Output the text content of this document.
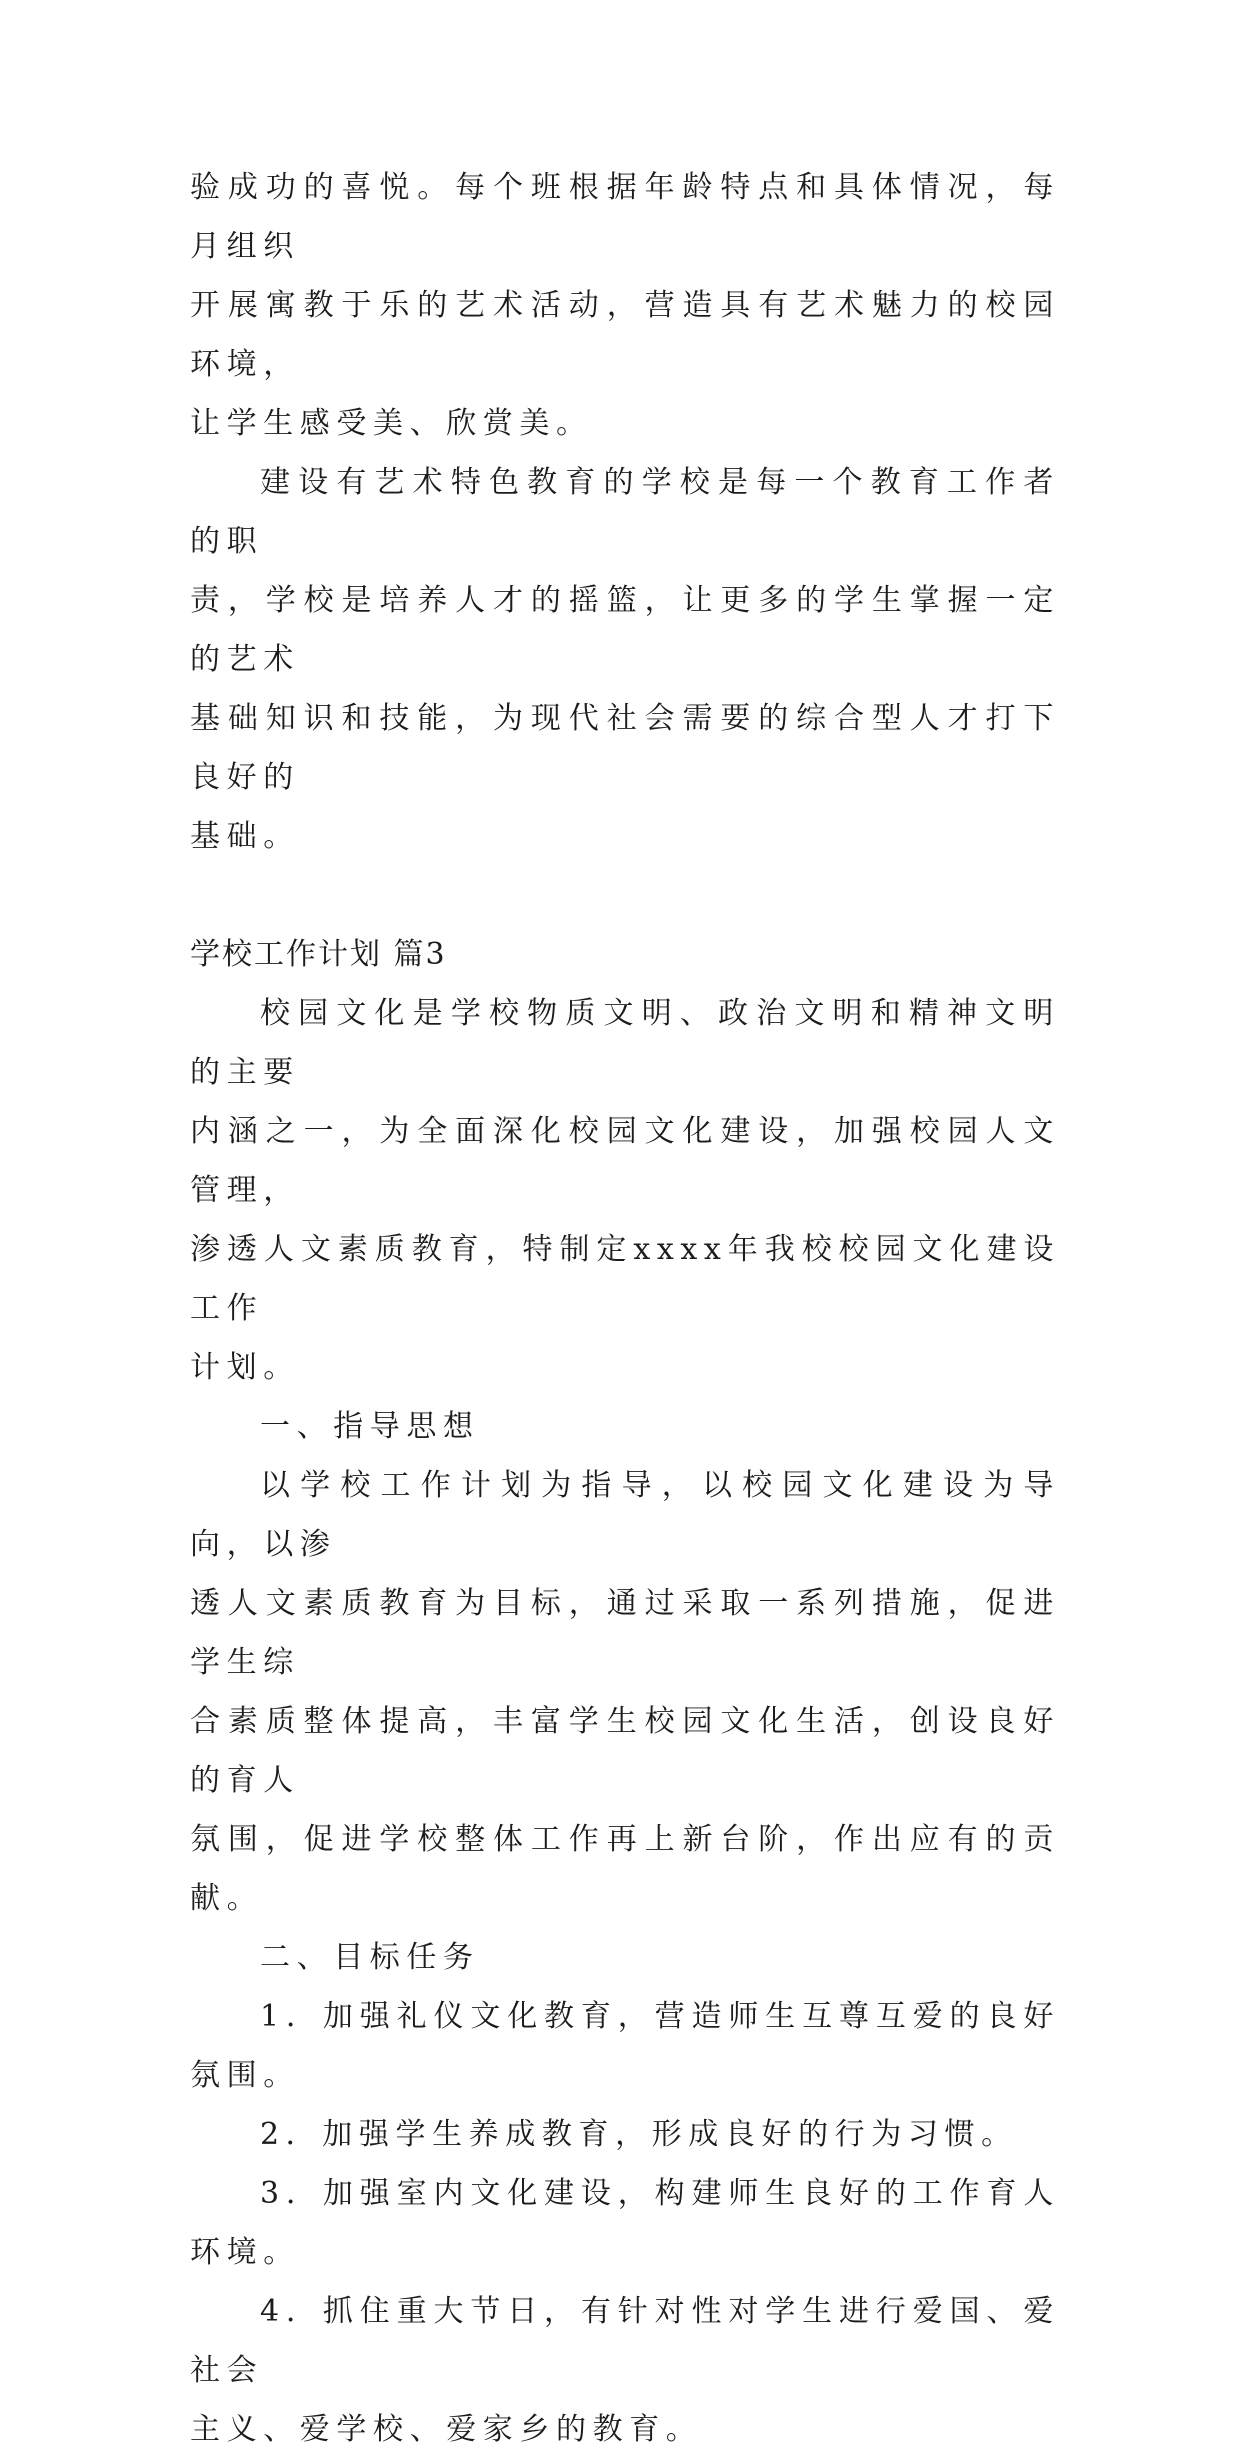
验成功的喜悦。每个班根据年龄特点和具体情况，每月组织
开展寓教于乐的艺术活动，营造具有艺术魅力的校园环境，
让学生感受美、欣赏美。

建设有艺术特色教育的学校是每一个教育工作者的职
责，学校是培养人才的摇篮，让更多的学生掌握一定的艺术
基础知识和技能，为现代社会需要的综合型人才打下良好的
基础。

学校工作计划 篇3

校园文化是学校物质文明、政治文明和精神文明的主要
内涵之一，为全面深化校园文化建设，加强校园人文管理，
渗透人文素质教育，特制定xxxx年我校校园文化建设工作
计划。

一、指导思想

以学校工作计划为指导，以校园文化建设为导向，以渗
透人文素质教育为目标，通过采取一系列措施，促进学生综
合素质整体提高，丰富学生校园文化生活，创设良好的育人
氛围，促进学校整体工作再上新台阶，作出应有的贡献。

二、目标任务

1．加强礼仪文化教育，营造师生互尊互爱的良好氛围。

2．加强学生养成教育，形成良好的行为习惯。

3．加强室内文化建设，构建师生良好的工作育人环境。

4．抓住重大节日，有针对性对学生进行爱国、爱社会
主义、爱学校、爱家乡的教育。
